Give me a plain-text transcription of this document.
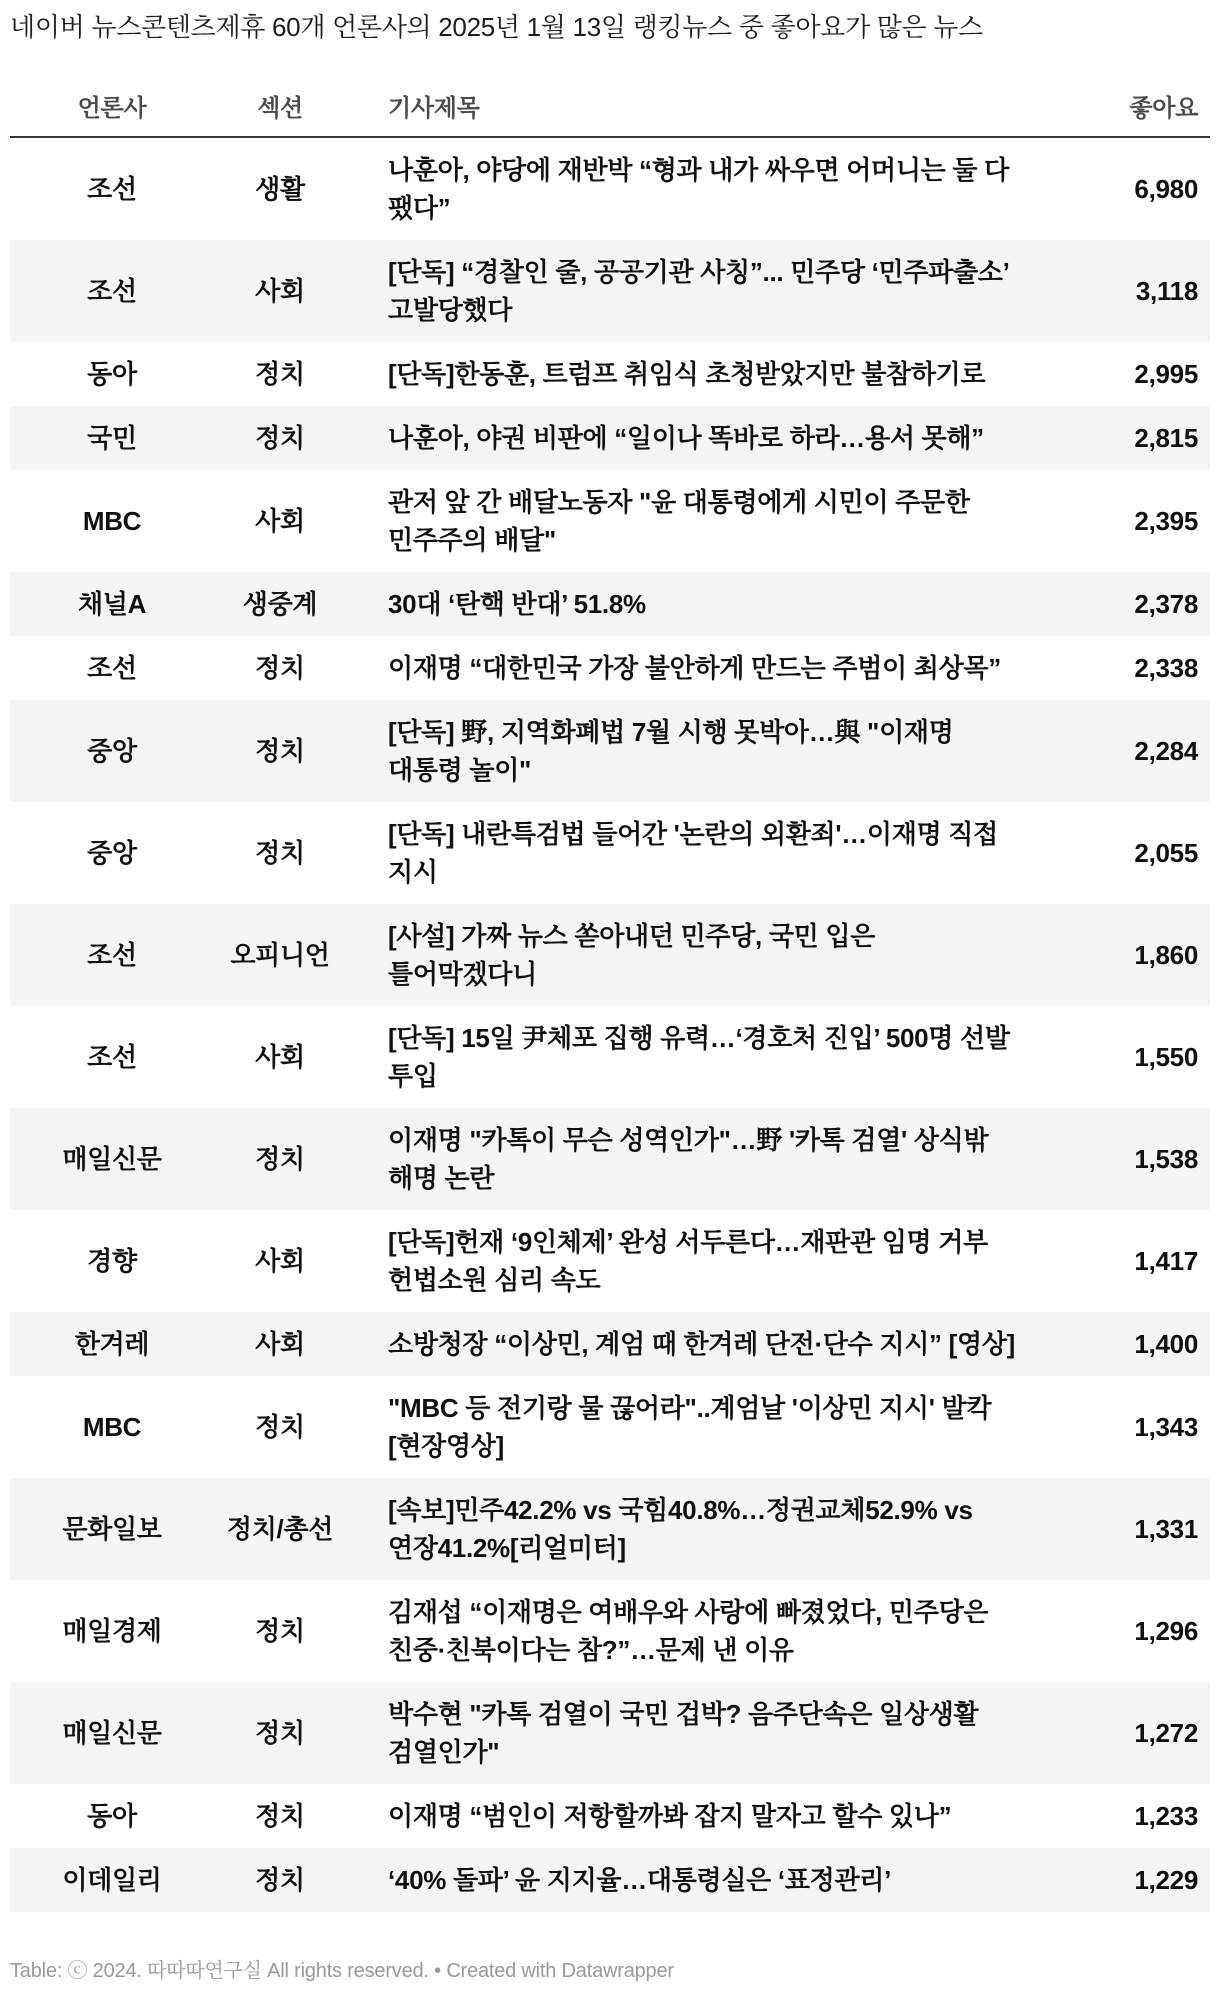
네이버 뉴스콘텐츠제휴 60개 언론사의 2025년 1월 13일 랭킹뉴스 중 좋아요가 많은 뉴스
언론사	섹션	기사제목	좋아요
조선	생활	나훈아, 야당에 재반박 “형과 내가 싸우면 어머니는 둘 다 팼다”	6,980
조선	사회	[단독] “경찰인 줄, 공공기관 사칭”... 민주당 ‘민주파출소’ 고발당했다	3,118
동아	정치	[단독]한동훈, 트럼프 취임식 초청받았지만 불참하기로	2,995
국민	정치	나훈아, 야권 비판에 “일이나 똑바로 하라…용서 못해”	2,815
MBC	사회	관저 앞 간 배달노동자 "윤 대통령에게 시민이 주문한 민주주의 배달"	2,395
채널A	생중계	30대 ‘탄핵 반대’ 51.8%	2,378
조선	정치	이재명 “대한민국 가장 불안하게 만드는 주범이 최상목”	2,338
중앙	정치	[단독] 野, 지역화폐법 7월 시행 못박아…與 "이재명 대통령 놀이"	2,284
중앙	정치	[단독] 내란특검법 들어간 '논란의 외환죄'…이재명 직접 지시	2,055
조선	오피니언	[사설] 가짜 뉴스 쏟아내던 민주당, 국민 입은 틀어막겠다니	1,860
조선	사회	[단독] 15일 尹체포 집행 유력…‘경호처 진입’ 500명 선발 투입	1,550
매일신문	정치	이재명 "카톡이 무슨 성역인가"…野 '카톡 검열' 상식밖 해명 논란	1,538
경향	사회	[단독]헌재 ‘9인체제’ 완성 서두른다…재판관 임명 거부 헌법소원 심리 속도	1,417
한겨레	사회	소방청장 “이상민, 계엄 때 한겨레 단전·단수 지시” [영상]	1,400
MBC	정치	"MBC 등 전기랑 물 끊어라"..계엄날 '이상민 지시' 발칵 [현장영상]	1,343
문화일보	정치/총선	[속보]민주42.2% vs 국힘40.8%…정권교체52.9% vs 연장41.2%[리얼미터]	1,331
매일경제	정치	김재섭 “이재명은 여배우와 사랑에 빠졌었다, 민주당은 친중·친북이다는 참?”…문제 낸 이유	1,296
매일신문	정치	박수현 "카톡 검열이 국민 겁박? 음주단속은 일상생활 검열인가"	1,272
동아	정치	이재명 “범인이 저항할까봐 잡지 말자고 할수 있나”	1,233
이데일리	정치	‘40% 돌파’ 윤 지지율…대통령실은 ‘표정관리’	1,229
Table: ⓒ 2024. 따따따연구실 All rights reserved. • Created with Datawrapper
